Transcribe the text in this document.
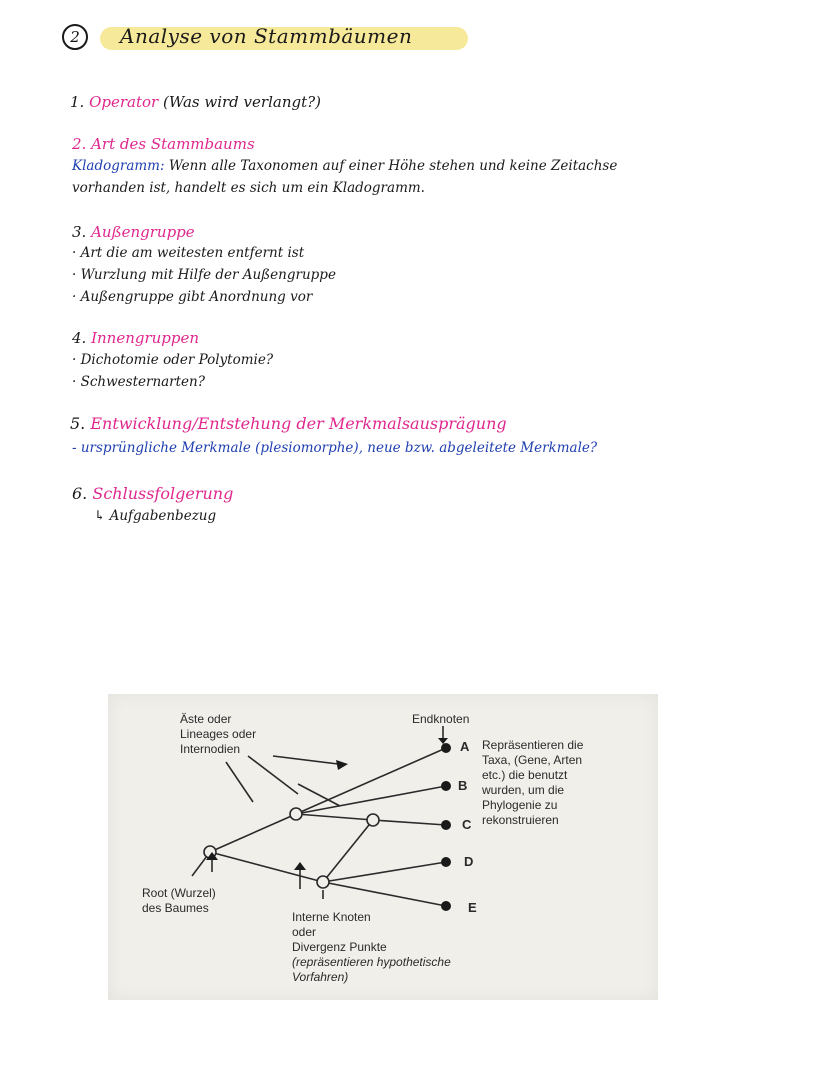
2	Analyse von Stammbäumen
1. Operator (Was wird verlangt?)
2. Art des Stammbaums
Kladogramm: Wenn alle Taxonomen auf einer Höhe stehen und keine Zeitachse
vorhanden ist, handelt es sich um ein Kladogramm.
3. Außengruppe
· Art die am weitesten entfernt ist
· Wurzlung mit Hilfe der Außengruppe
· Außengruppe gibt Anordnung vor
4. Innengruppen
· Dichotomie oder Polytomie?
· Schwesternarten?
5. Entwicklung/Entstehung der Merkmalsausprägung
- ursprüngliche Merkmale (plesiomorphe), neue bzw. abgeleitete Merkmale?
6. Schlussfolgerung
↳ Aufgabenbezug
Äste oder
Lineages oder
Internodien
Endknoten
A
B
C
D
E
Repräsentieren die
Taxa, (Gene, Arten
etc.) die benutzt
wurden, um die
Phylogenie zu
rekonstruieren
Root (Wurzel)
des Baumes
Interne Knoten
oder
Divergenz Punkte
(repräsentieren hypothetische
Vorfahren)
